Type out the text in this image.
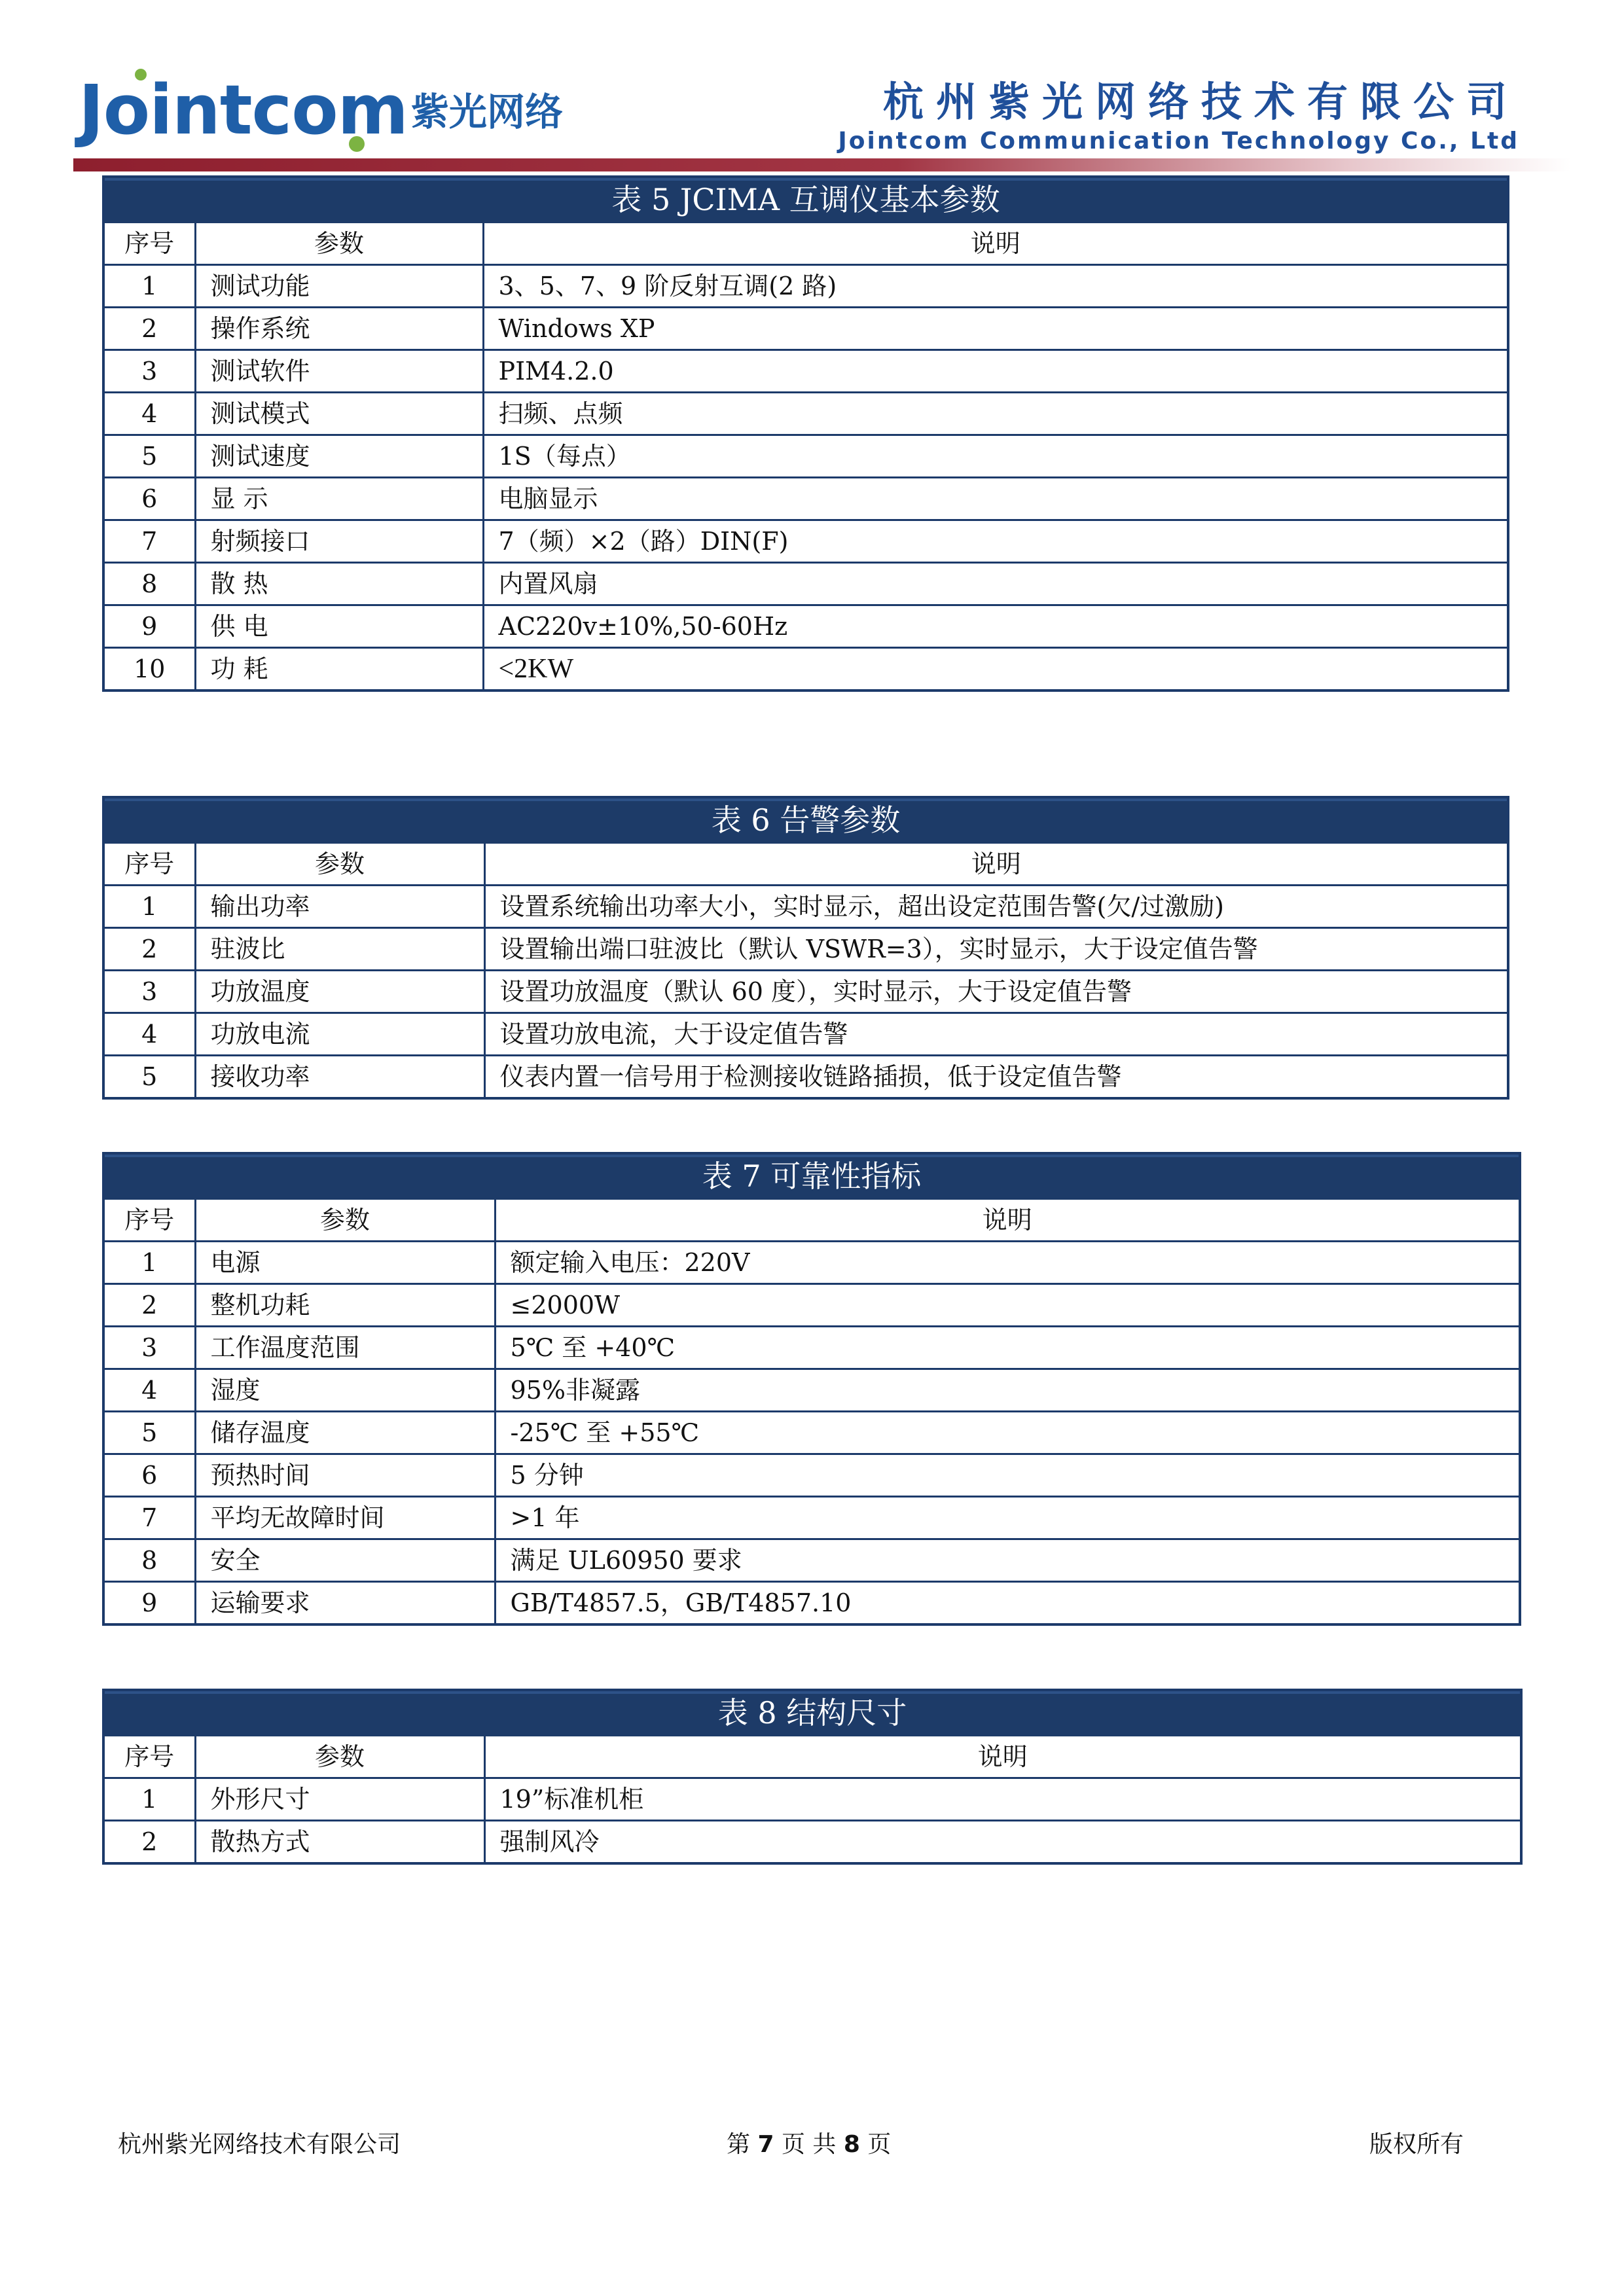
Jointcom 紫光网络	杭州紫光网络技术有限公司
Jointcom Communication Technology Co., Ltd
表 5 JCIMA 互调仪基本参数		
序号	参数	说明
1	测试功能	3、5、7、9 阶反射互调(2 路)
2	操作系统	Windows XP
3	测试软件	PIM4.2.0
4	测试模式	扫频、点频
5	测试速度	1S（每点）
6	显 示	电脑显示
7	射频接口	7（频）×2（路）DIN(F)
8	散 热	内置风扇
9	供 电	AC220v±10%,50-60Hz
10	功 耗	<2KW
表 6 告警参数		
序号	参数	说明
1	输出功率	设置系统输出功率大小，实时显示，超出设定范围告警(欠/过激励)
2	驻波比	设置输出端口驻波比（默认 VSWR=3），实时显示，大于设定值告警
3	功放温度	设置功放温度（默认 60 度），实时显示，大于设定值告警
4	功放电流	设置功放电流，大于设定值告警
5	接收功率	仪表内置一信号用于检测接收链路插损，低于设定值告警
表 7 可靠性指标		
序号	参数	说明
1	电源	额定输入电压：220V
2	整机功耗	≤2000W
3	工作温度范围	5℃ 至 +40℃
4	湿度	95%非凝露
5	储存温度	-25℃ 至 +55℃
6	预热时间	5 分钟
7	平均无故障时间	>1 年
8	安全	满足 UL60950 要求
9	运输要求	GB/T4857.5，GB/T4857.10
表 8 结构尺寸		
序号	参数	说明
1	外形尺寸	19”标准机柜
2	散热方式	强制风冷
杭州紫光网络技术有限公司	第 7 页 共 8 页	版权所有
